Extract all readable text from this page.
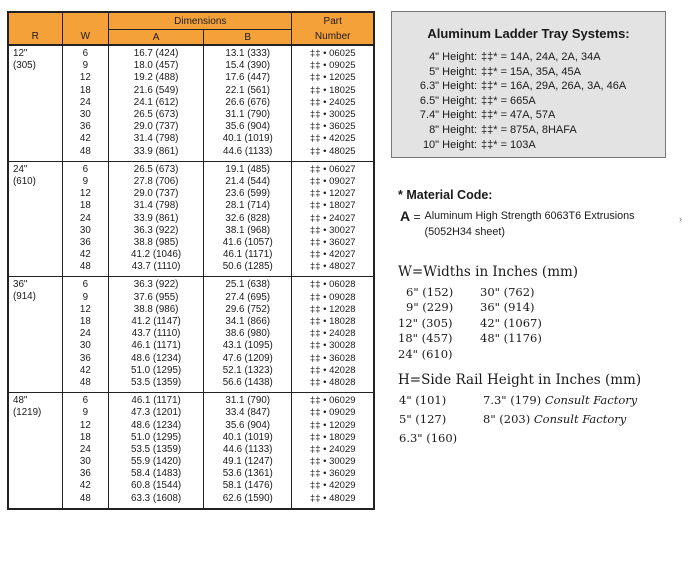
		Dimensions		Part
R	W	A	B	Number

12"
(305)	6	16.7 (424)	13.1 (333)	‡‡ • 06025
	9	18.0 (457)	15.4 (390)	‡‡ • 09025
	12	19.2 (488)	17.6 (447)	‡‡ • 12025
	18	21.6 (549)	22.1 (561)	‡‡ • 18025
	24	24.1 (612)	26.6 (676)	‡‡ • 24025
	30	26.5 (673)	31.1 (790)	‡‡ • 30025
	36	29.0 (737)	35.6 (904)	‡‡ • 36025
	42	31.4 (798)	40.1 (1019)	‡‡ • 42025
	48	33.9 (861)	44.6 (1133)	‡‡ • 48025

24"
(610)	6	26.5 (673)	19.1 (485)	‡‡ • 06027
	9	27.8 (706)	21.4 (544)	‡‡ • 09027
	12	29.0 (737)	23.6 (599)	‡‡ • 12027
	18	31.4 (798)	28.1 (714)	‡‡ • 18027
	24	33.9 (861)	32.6 (828)	‡‡ • 24027
	30	36.3 (922)	38.1 (968)	‡‡ • 30027
	36	38.8 (985)	41.6 (1057)	‡‡ • 36027
	42	41.2 (1046)	46.1 (1171)	‡‡ • 42027
	48	43.7 (1110)	50.6 (1285)	‡‡ • 48027

36"
(914)	6	36.3 (922)	25.1 (638)	‡‡ • 06028
	9	37.6 (955)	27.4 (695)	‡‡ • 09028
	12	38.8 (986)	29.6 (752)	‡‡ • 12028
	18	41.2 (1147)	34.1 (866)	‡‡ • 18028
	24	43.7 (1110)	38.6 (980)	‡‡ • 24028
	30	46.1 (1171)	43.1 (1095)	‡‡ • 30028
	36	48.6 (1234)	47.6 (1209)	‡‡ • 36028
	42	51.0 (1295)	52.1 (1323)	‡‡ • 42028
	48	53.5 (1359)	56.6 (1438)	‡‡ • 48028

48"
(1219)	6	46.1 (1171)	31.1 (790)	‡‡ • 06029
	9	47.3 (1201)	33.4 (847)	‡‡ • 09029
	12	48.6 (1234)	35.6 (904)	‡‡ • 12029
	18	51.0 (1295)	40.1 (1019)	‡‡ • 18029
	24	53.5 (1359)	44.6 (1133)	‡‡ • 24029
	30	55.9 (1420)	49.1 (1247)	‡‡ • 30029
	36	58.4 (1483)	53.6 (1361)	‡‡ • 36029
	42	60.8 (1544)	58.1 (1476)	‡‡ • 42029
	48	63.3 (1608)	62.6 (1590)	‡‡ • 48029
Aluminum Ladder Tray Systems:
4" Height: ‡‡* = 14A, 24A, 2A, 34A
5" Height: ‡‡* = 15A, 35A, 45A
6.3" Height: ‡‡* = 16A, 29A, 26A, 3A, 46A
6.5" Height: ‡‡* = 665A
7.4" Height: ‡‡* = 47A, 57A
8" Height: ‡‡* = 875A, 8HAFA
10" Height: ‡‡* = 103A
* Material Code:
A = Aluminum High Strength 6063T6 Extrusions
(5052H34 sheet)
›
W=Widths in Inches (mm)
6" (152) 30" (762)
9" (229) 36" (914)
12" (305) 42" (1067)
18" (457) 48" (1176)
24" (610)
H=Side Rail Height in Inches (mm)
4" (101)	7.3" (179) Consult Factory
5" (127)	8" (203) Consult Factory
6.3" (160)
